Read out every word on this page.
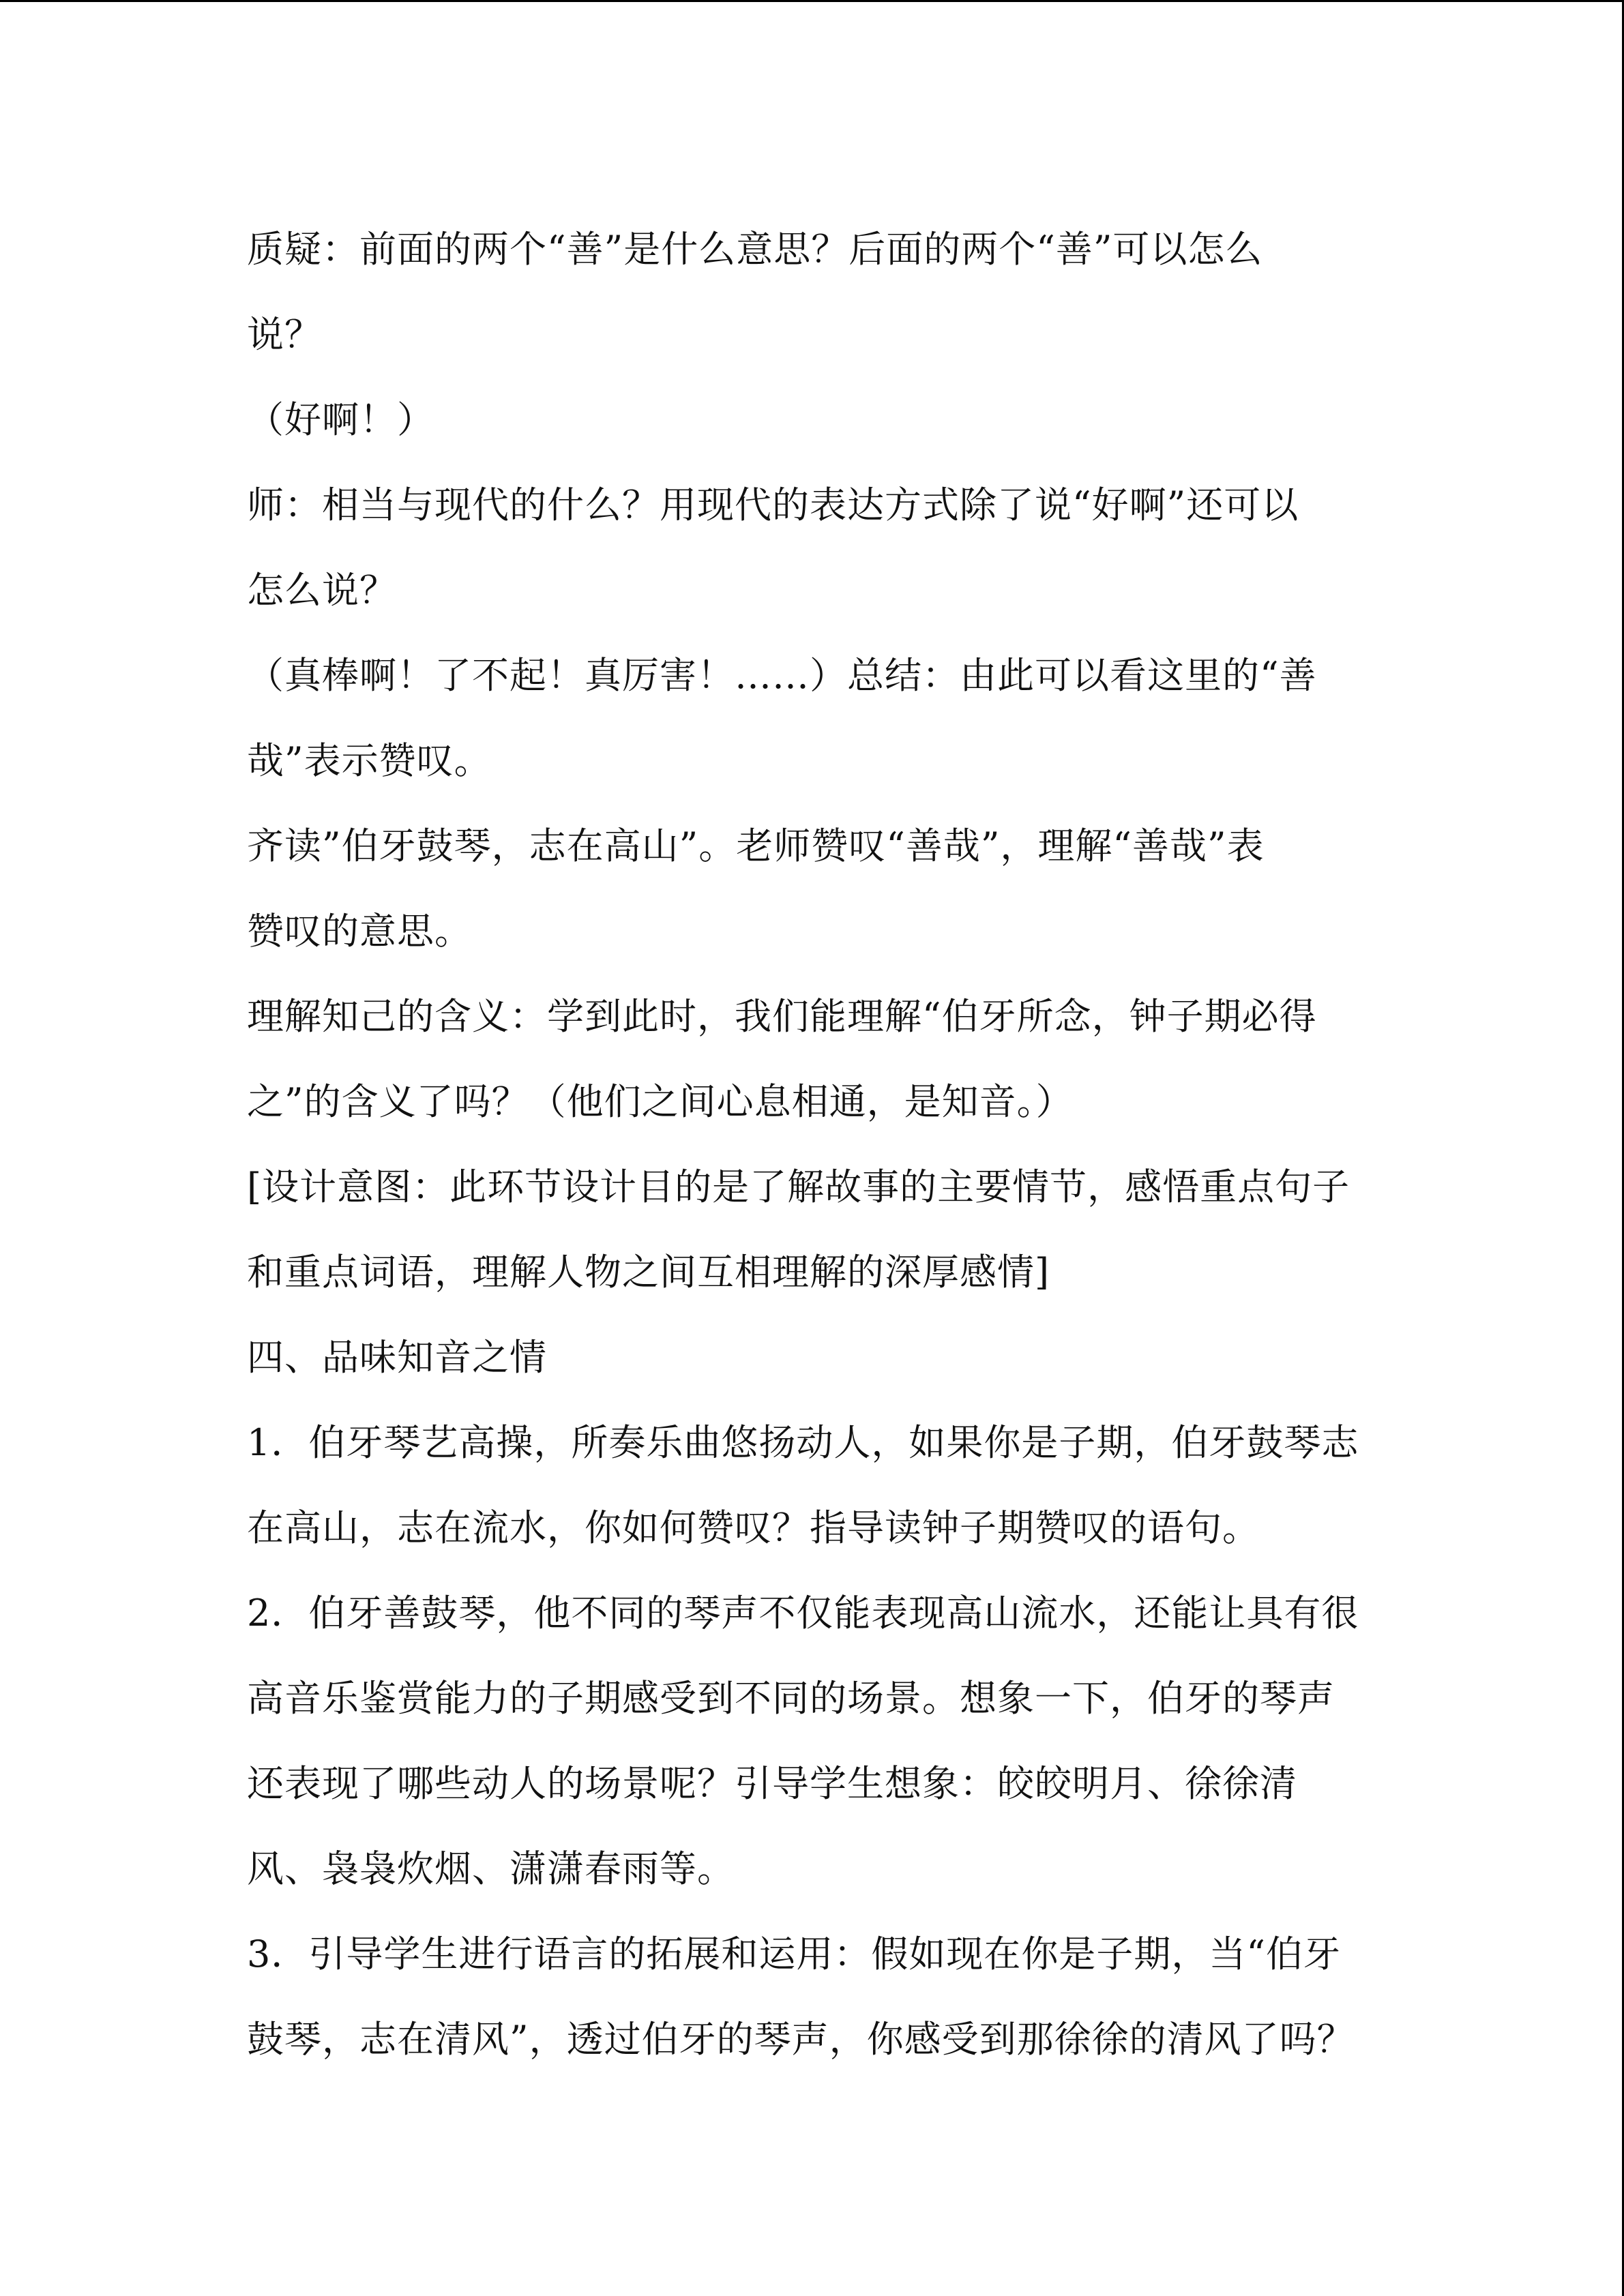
质疑：前面的两个“善”是什么意思？后面的两个“善”可以怎么
说？
（好啊！）
师：相当与现代的什么？用现代的表达方式除了说“好啊”还可以
怎么说？
（真棒啊！了不起！真厉害！……）总结：由此可以看这里的“善
哉”表示赞叹。
齐读”伯牙鼓琴，志在高山”。老师赞叹“善哉”，理解“善哉”表
赞叹的意思。
理解知己的含义：学到此时，我们能理解“伯牙所念，钟子期必得
之”的含义了吗？（他们之间心息相通，是知音。）
[设计意图：此环节设计目的是了解故事的主要情节，感悟重点句子
和重点词语，理解人物之间互相理解的深厚感情]
四、品味知音之情
1．伯牙琴艺高操，所奏乐曲悠扬动人，如果你是子期，伯牙鼓琴志
在高山，志在流水，你如何赞叹？指导读钟子期赞叹的语句。
2．伯牙善鼓琴，他不同的琴声不仅能表现高山流水，还能让具有很
高音乐鉴赏能力的子期感受到不同的场景。想象一下，伯牙的琴声
还表现了哪些动人的场景呢？引导学生想象：皎皎明月、徐徐清
风、袅袅炊烟、潇潇春雨等。
3．引导学生进行语言的拓展和运用：假如现在你是子期，当“伯牙
鼓琴，志在清风”，透过伯牙的琴声，你感受到那徐徐的清风了吗？
